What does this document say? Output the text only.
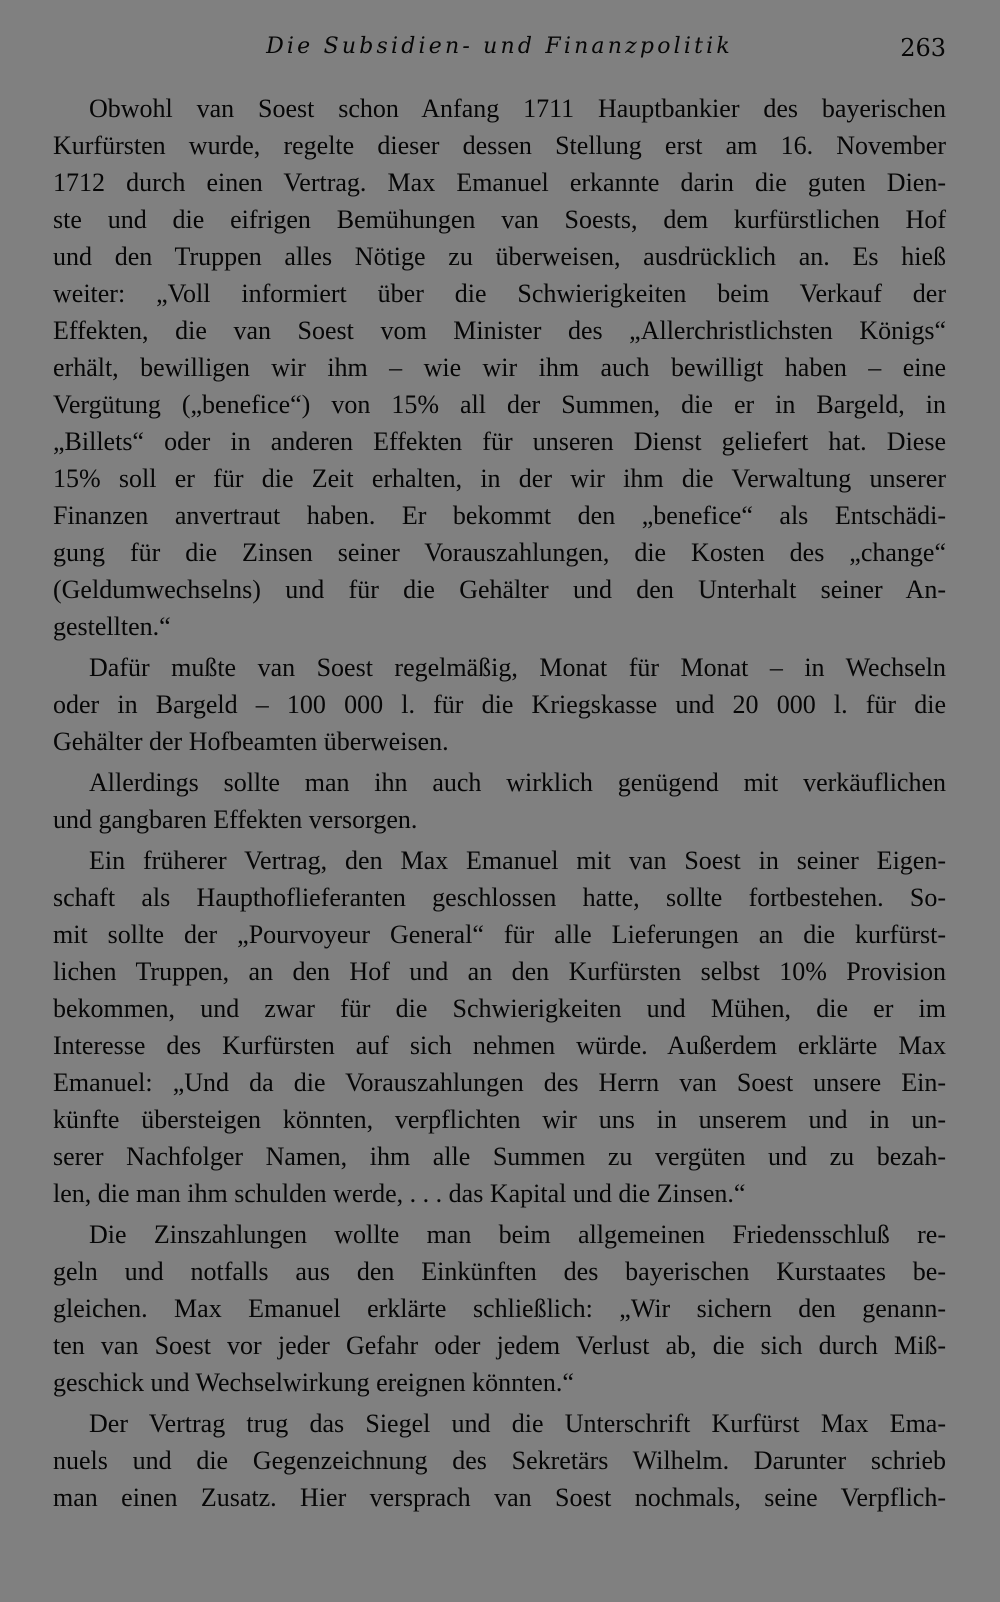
Die Subsidien- und Finanzpolitik	263
Obwohl van Soest schon Anfang 1711 Hauptbankier des bayerischen
Kurfürsten wurde, regelte dieser dessen Stellung erst am 16. November
1712 durch einen Vertrag. Max Emanuel erkannte darin die guten Dien-
ste und die eifrigen Bemühungen van Soests, dem kurfürstlichen Hof
und den Truppen alles Nötige zu überweisen, ausdrücklich an. Es hieß
weiter: „Voll informiert über die Schwierigkeiten beim Verkauf der
Effekten, die van Soest vom Minister des „Allerchristlichsten Königs“
erhält, bewilligen wir ihm – wie wir ihm auch bewilligt haben – eine
Vergütung („benefice“) von 15% all der Summen, die er in Bargeld, in
„Billets“ oder in anderen Effekten für unseren Dienst geliefert hat. Diese
15% soll er für die Zeit erhalten, in der wir ihm die Verwaltung unserer
Finanzen anvertraut haben. Er bekommt den „benefice“ als Entschädi-
gung für die Zinsen seiner Vorauszahlungen, die Kosten des „change“
(Geldumwechselns) und für die Gehälter und den Unterhalt seiner An-
gestellten.“
Dafür mußte van Soest regelmäßig, Monat für Monat – in Wechseln
oder in Bargeld – 100 000 l. für die Kriegskasse und 20 000 l. für die
Gehälter der Hofbeamten überweisen.
Allerdings sollte man ihn auch wirklich genügend mit verkäuflichen
und gangbaren Effekten versorgen.
Ein früherer Vertrag, den Max Emanuel mit van Soest in seiner Eigen-
schaft als Haupthoflieferanten geschlossen hatte, sollte fortbestehen. So-
mit sollte der „Pourvoyeur General“ für alle Lieferungen an die kurfürst-
lichen Truppen, an den Hof und an den Kurfürsten selbst 10% Provision
bekommen, und zwar für die Schwierigkeiten und Mühen, die er im
Interesse des Kurfürsten auf sich nehmen würde. Außerdem erklärte Max
Emanuel: „Und da die Vorauszahlungen des Herrn van Soest unsere Ein-
künfte übersteigen könnten, verpflichten wir uns in unserem und in un-
serer Nachfolger Namen, ihm alle Summen zu vergüten und zu bezah-
len, die man ihm schulden werde, . . . das Kapital und die Zinsen.“
Die Zinszahlungen wollte man beim allgemeinen Friedensschluß re-
geln und notfalls aus den Einkünften des bayerischen Kurstaates be-
gleichen. Max Emanuel erklärte schließlich: „Wir sichern den genann-
ten van Soest vor jeder Gefahr oder jedem Verlust ab, die sich durch Miß-
geschick und Wechselwirkung ereignen könnten.“
Der Vertrag trug das Siegel und die Unterschrift Kurfürst Max Ema-
nuels und die Gegenzeichnung des Sekretärs Wilhelm. Darunter schrieb
man einen Zusatz. Hier versprach van Soest nochmals, seine Verpflich-
